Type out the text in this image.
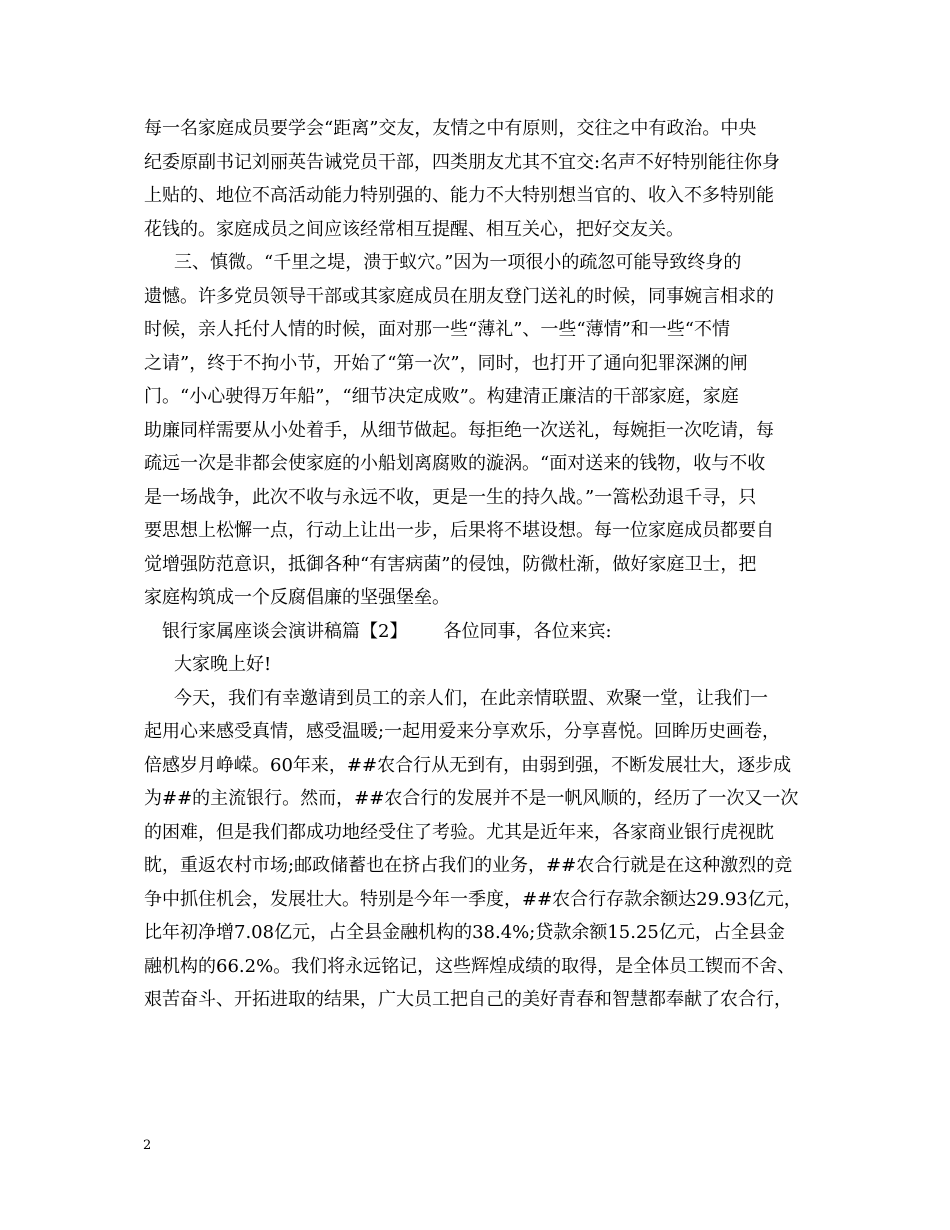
每一名家庭成员要学会“距离”交友，友情之中有原则，交往之中有政治。中央
纪委原副书记刘丽英告诫党员干部，四类朋友尤其不宜交:名声不好特别能往你身
上贴的、地位不高活动能力特别强的、能力不大特别想当官的、收入不多特别能
花钱的。家庭成员之间应该经常相互提醒、相互关心，把好交友关。
三、慎微。“千里之堤，溃于蚁穴。”因为一项很小的疏忽可能导致终身的
遗憾。许多党员领导干部或其家庭成员在朋友登门送礼的时候，同事婉言相求的
时候，亲人托付人情的时候，面对那一些“薄礼”、一些“薄情”和一些“不情
之请”，终于不拘小节，开始了“第一次”，同时，也打开了通向犯罪深渊的闸
门。“小心驶得万年船”，“细节决定成败”。构建清正廉洁的干部家庭，家庭
助廉同样需要从小处着手，从细节做起。每拒绝一次送礼，每婉拒一次吃请，每
疏远一次是非都会使家庭的小船划离腐败的漩涡。“面对送来的钱物，收与不收
是一场战争，此次不收与永远不收，更是一生的持久战。”一篙松劲退千寻，只
要思想上松懈一点，行动上让出一步，后果将不堪设想。每一位家庭成员都要自
觉增强防范意识，抵御各种“有害病菌”的侵蚀，防微杜渐，做好家庭卫士，把
家庭构筑成一个反腐倡廉的坚强堡垒。
银行家属座谈会演讲稿篇【2】 各位同事，各位来宾:
大家晚上好!
今天，我们有幸邀请到员工的亲人们，在此亲情联盟、欢聚一堂，让我们一
起用心来感受真情，感受温暖;一起用爱来分享欢乐，分享喜悦。回眸历史画卷，
倍感岁月峥嵘。60年来，##农合行从无到有，由弱到强，不断发展壮大，逐步成
为##的主流银行。然而，##农合行的发展并不是一帆风顺的，经历了一次又一次
的困难，但是我们都成功地经受住了考验。尤其是近年来，各家商业银行虎视眈
眈，重返农村市场;邮政储蓄也在挤占我们的业务，##农合行就是在这种激烈的竞
争中抓住机会，发展壮大。特别是今年一季度，##农合行存款余额达29.93亿元，
比年初净增7.08亿元，占全县金融机构的38.4%;贷款余额15.25亿元，占全县金
融机构的66.2%。我们将永远铭记，这些辉煌成绩的取得，是全体员工锲而不舍、
艰苦奋斗、开拓进取的结果，广大员工把自己的美好青春和智慧都奉献了农合行，
2
